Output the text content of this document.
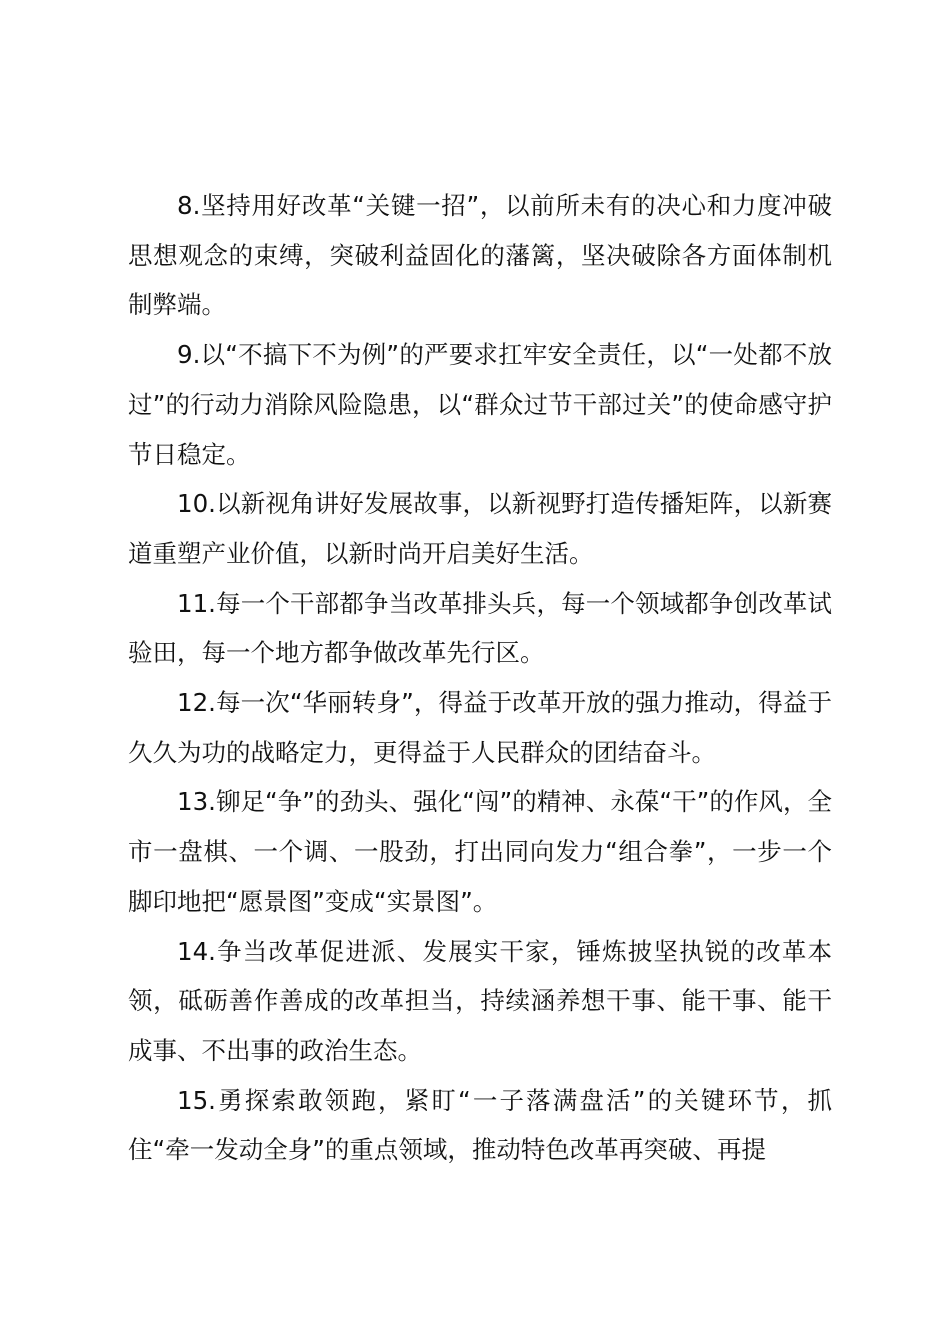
8.坚持用好改革“关键一招”，以前所未有的决心和力度冲破思想观念的束缚，突破利益固化的藩篱，坚决破除各方面体制机制弊端。

9.以“不搞下不为例”的严要求扛牢安全责任，以“一处都不放过”的行动力消除风险隐患，以“群众过节干部过关”的使命感守护节日稳定。

10.以新视角讲好发展故事，以新视野打造传播矩阵，以新赛道重塑产业价值，以新时尚开启美好生活。

11.每一个干部都争当改革排头兵，每一个领域都争创改革试验田，每一个地方都争做改革先行区。

12.每一次“华丽转身”，得益于改革开放的强力推动，得益于久久为功的战略定力，更得益于人民群众的团结奋斗。

13.铆足“争”的劲头、强化“闯”的精神、永葆“干”的作风，全市一盘棋、一个调、一股劲，打出同向发力“组合拳”，一步一个脚印地把“愿景图”变成“实景图”。

14.争当改革促进派、发展实干家，锤炼披坚执锐的改革本领，砥砺善作善成的改革担当，持续涵养想干事、能干事、能干成事、不出事的政治生态。

15.勇探索敢领跑，紧盯“一子落满盘活”的关键环节，抓住“牵一发动全身”的重点领域，推动特色改革再突破、再提
